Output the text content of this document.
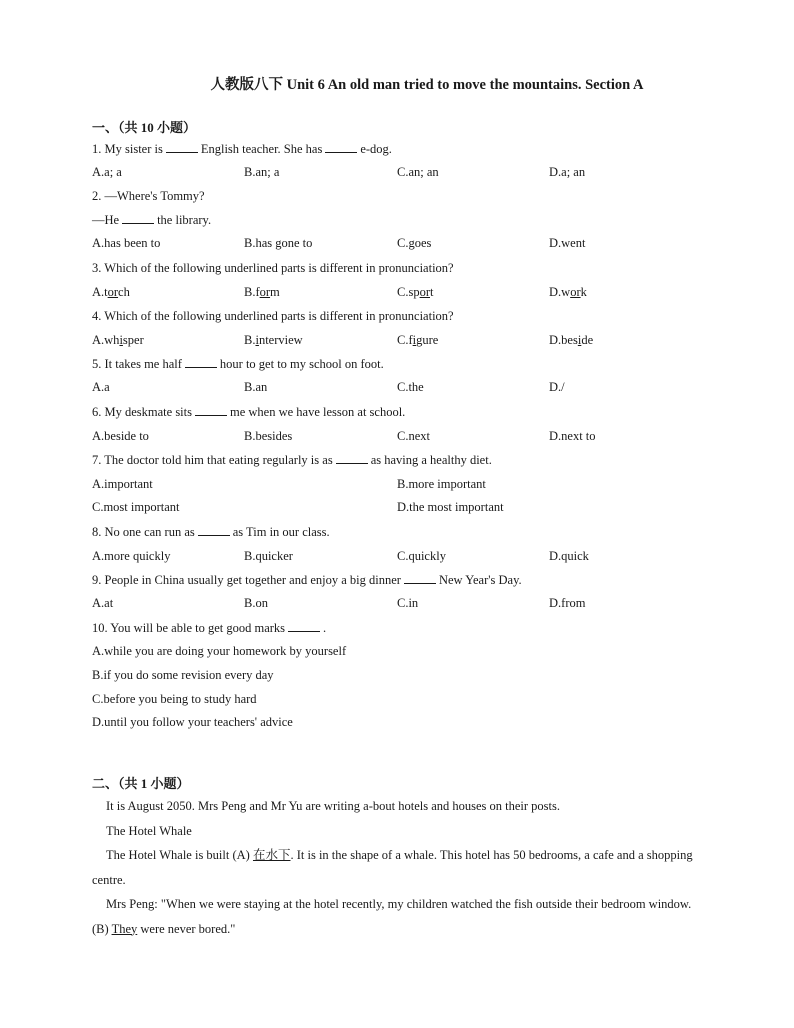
人教版八下 Unit 6 An old man tried to move the mountains. Section A
一、（共 10 小题）
1. My sister is	English teacher. She has	e-dog.
A.a; a	B.an; a	C.an; an	D.a; an
2. —Where's Tommy?
—He	the library.
A.has been to	B.has gone to	C.goes	D.went
3. Which of the following underlined parts is different in pronunciation?
A.torch	B.form	C.sport	D.work
4. Which of the following underlined parts is different in pronunciation?
A.whisper	B.interview	C.figure	D.beside
5. It takes me half	hour to get to my school on foot.
A.a	B.an	C.the	D./
6. My deskmate sits	me when we have lesson at school.
A.beside to	B.besides	C.next	D.next to
7. The doctor told him that eating regularly is as	as having a healthy diet.
A.important	B.more important
C.most important	D.the most important
8. No one can run as	as Tim in our class.
A.more quickly	B.quicker	C.quickly	D.quick
9. People in China usually get together and enjoy a big dinner	New Year's Day.
A.at	B.on	C.in	D.from
10. You will be able to get good marks	.
A.while you are doing your homework by yourself
B.if you do some revision every day
C.before you being to study hard
D.until you follow your teachers' advice
二、（共 1 小题）
It is August 2050. Mrs Peng and Mr Yu are writing a-bout hotels and houses on their posts.
The Hotel Whale
The Hotel Whale is built (A) 在水下. It is in the shape of a whale. This hotel has 50 bedrooms, a cafe and a shopping centre.
Mrs Peng: "When we were staying at the hotel recently, my children watched the fish outside their bedroom window. (B) They were never bored."
